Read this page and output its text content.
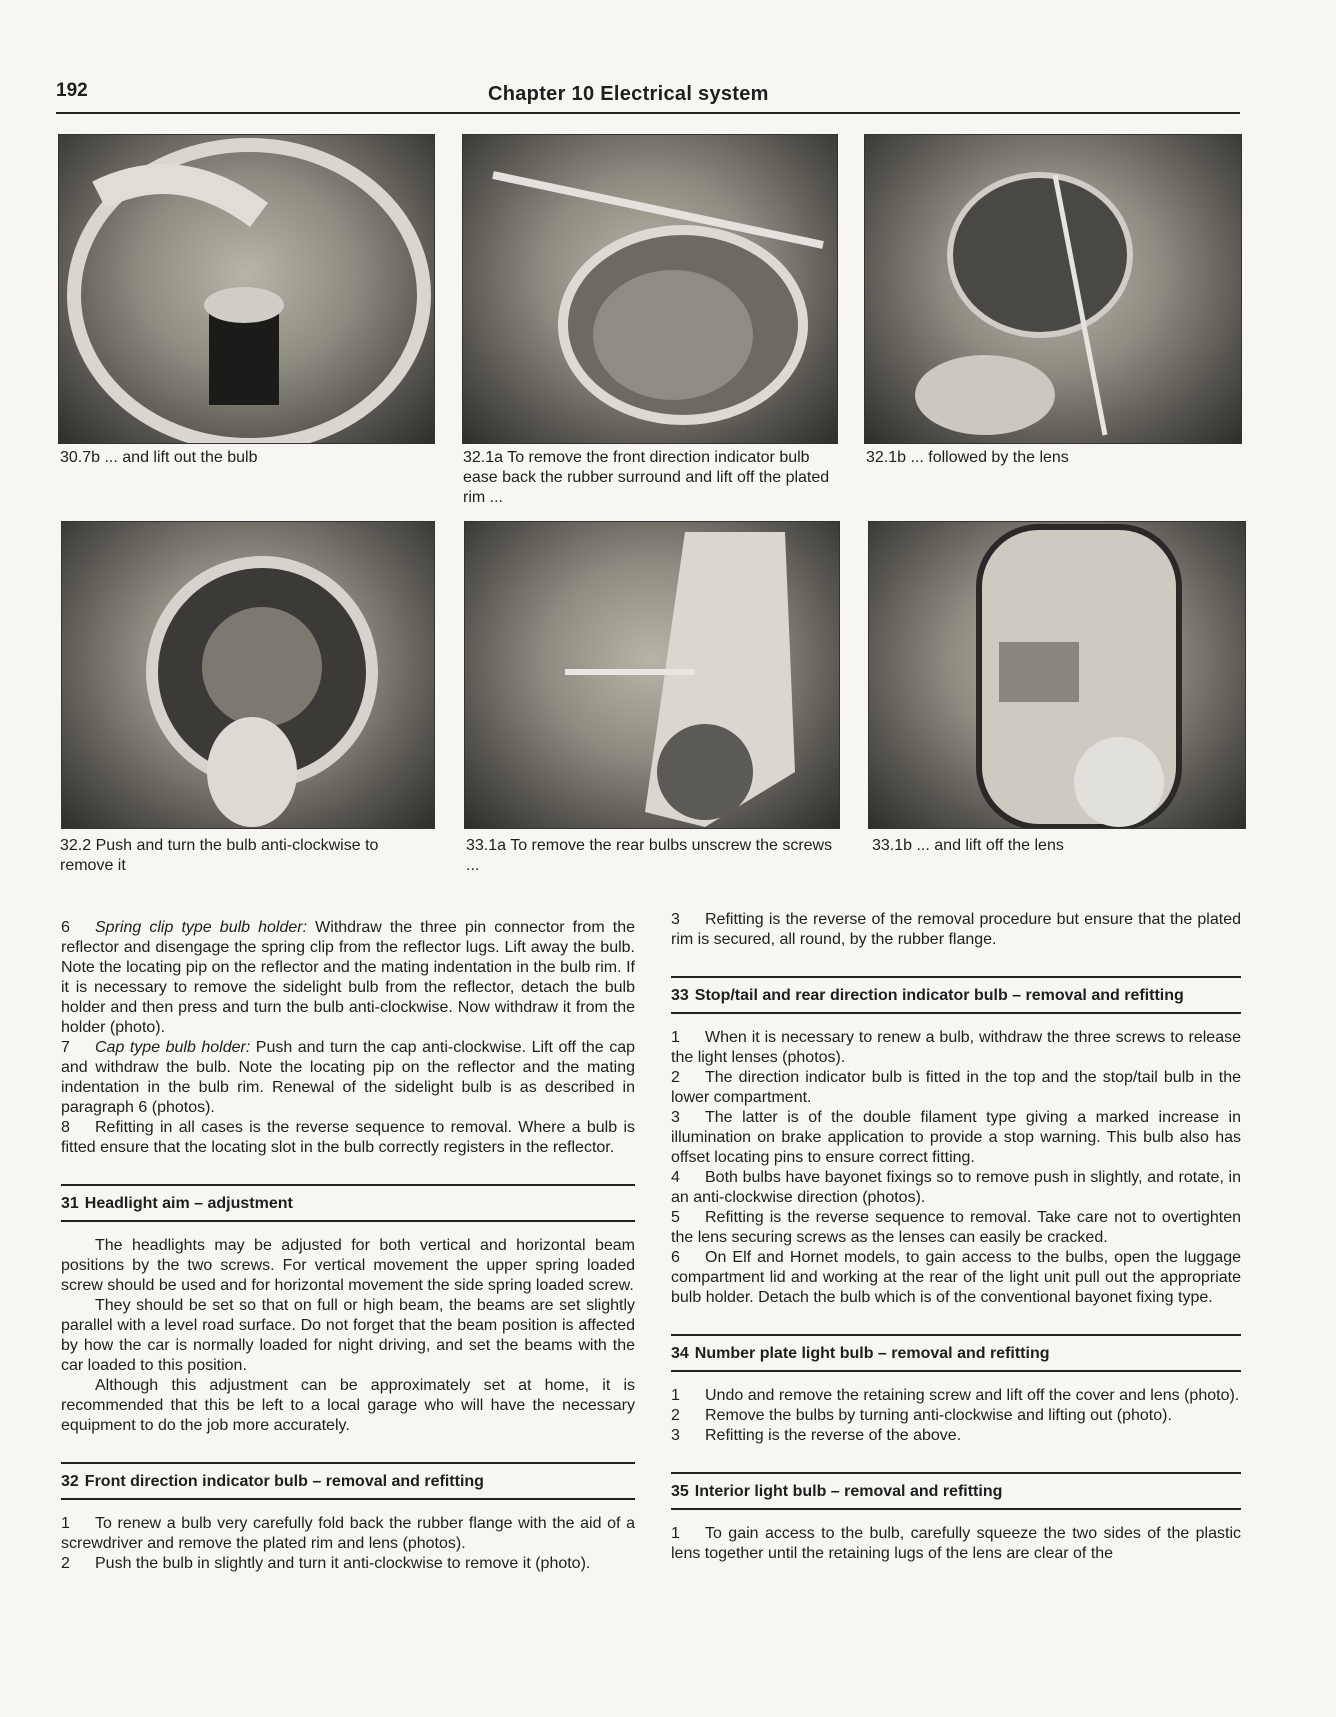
192	Chapter 10 Electrical system
30.7b ... and lift out the bulb	32.1a To remove the front direction indicator bulb ease back the rubber surround and lift off the plated rim ...
32.1b ... followed by the lens
32.2 Push and turn the bulb anti-clockwise to remove it
33.1a To remove the rear bulbs unscrew the screws ...
33.1b ... and lift off the lens

6 Spring clip type bulb holder: Withdraw the three pin connector from the reflector and disengage the spring clip from the reflector lugs. Lift away the bulb. Note the locating pip on the reflector and the mating indentation in the bulb rim. If it is necessary to remove the sidelight bulb from the reflector, detach the bulb holder and then press and turn the bulb anti-clockwise. Now withdraw it from the holder (photo).

7 Cap type bulb holder: Push and turn the cap anti-clockwise. Lift off the cap and withdraw the bulb. Note the locating pip on the reflector and the mating indentation in the bulb rim. Renewal of the sidelight bulb is as described in paragraph 6 (photos).

8 Refitting in all cases is the reverse sequence to removal. Where a bulb is fitted ensure that the locating slot in the bulb correctly registers in the reflector.

31 Headlight aim – adjustment

The headlights may be adjusted for both vertical and horizontal beam positions by the two screws. For vertical movement the upper spring loaded screw should be used and for horizontal movement the side spring loaded screw.

They should be set so that on full or high beam, the beams are set slightly parallel with a level road surface. Do not forget that the beam position is affected by how the car is normally loaded for night driving, and set the beams with the car loaded to this position.

Although this adjustment can be approximately set at home, it is recommended that this be left to a local garage who will have the necessary equipment to do the job more accurately.

32 Front direction indicator bulb – removal and refitting

1 To renew a bulb very carefully fold back the rubber flange with the aid of a screwdriver and remove the plated rim and lens (photos).

2 Push the bulb in slightly and turn it anti-clockwise to remove it (photo).

3 Refitting is the reverse of the removal procedure but ensure that the plated rim is secured, all round, by the rubber flange.

33 Stop/tail and rear direction indicator bulb – removal and refitting

1 When it is necessary to renew a bulb, withdraw the three screws to release the light lenses (photos).

2 The direction indicator bulb is fitted in the top and the stop/tail bulb in the lower compartment.

3 The latter is of the double filament type giving a marked increase in illumination on brake application to provide a stop warning. This bulb also has offset locating pins to ensure correct fitting.

4 Both bulbs have bayonet fixings so to remove push in slightly, and rotate, in an anti-clockwise direction (photos).

5 Refitting is the reverse sequence to removal. Take care not to overtighten the lens securing screws as the lenses can easily be cracked.

6 On Elf and Hornet models, to gain access to the bulbs, open the luggage compartment lid and working at the rear of the light unit pull out the appropriate bulb holder. Detach the bulb which is of the conventional bayonet fixing type.

34 Number plate light bulb – removal and refitting

1 Undo and remove the retaining screw and lift off the cover and lens (photo).

2 Remove the bulbs by turning anti-clockwise and lifting out (photo).

3 Refitting is the reverse of the above.

35 Interior light bulb – removal and refitting

1 To gain access to the bulb, carefully squeeze the two sides of the plastic lens together until the retaining lugs of the lens are clear of the
